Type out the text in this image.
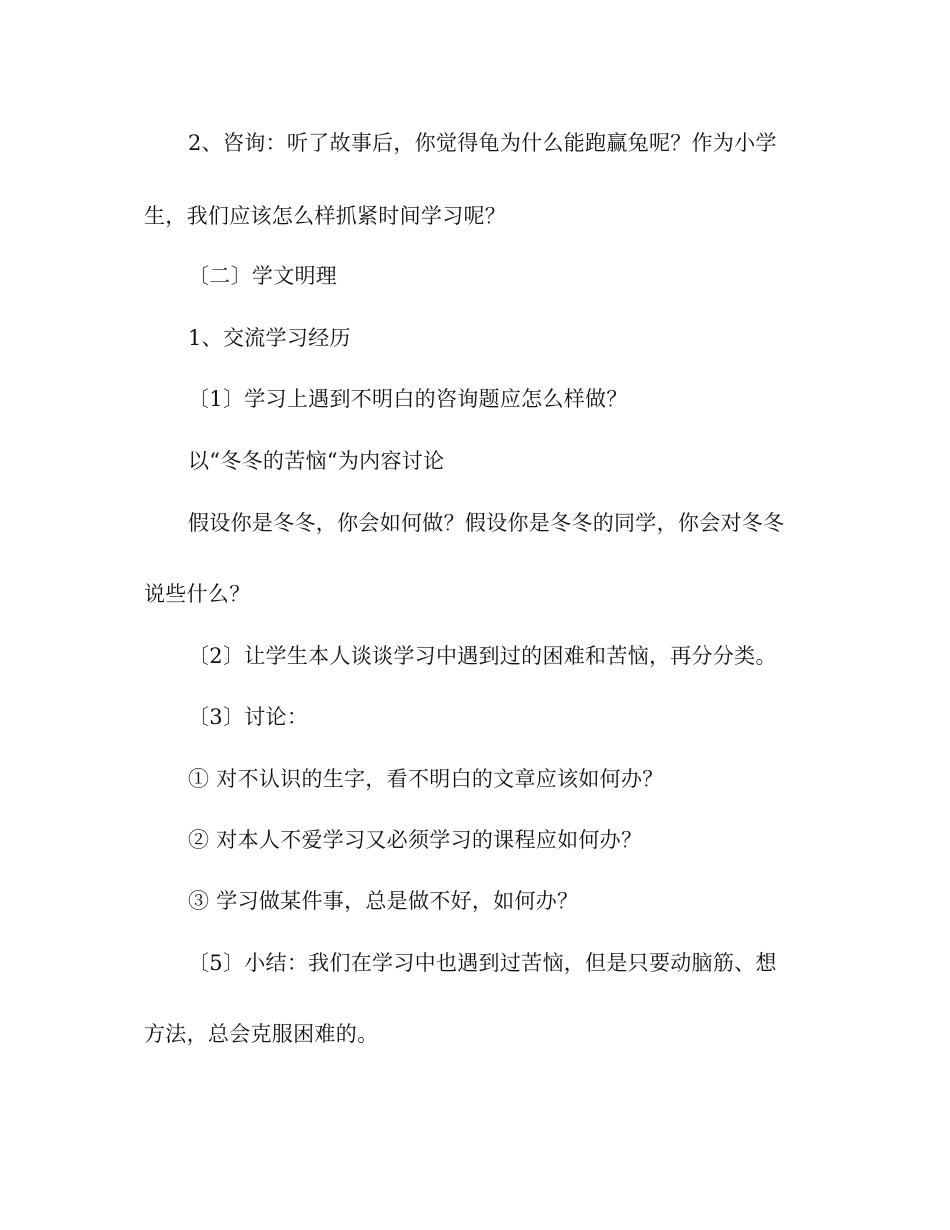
2、咨询：听了故事后，你觉得龟为什么能跑赢兔呢？作为小学
生，我们应该怎么样抓紧时间学习呢？
〔二〕学文明理
1、交流学习经历
〔1〕学习上遇到不明白的咨询题应怎么样做？
以“冬冬的苦恼“为内容讨论
假设你是冬冬，你会如何做？假设你是冬冬的同学，你会对冬冬
说些什么？
〔2〕让学生本人谈谈学习中遇到过的困难和苦恼，再分分类。
〔3〕讨论：
① 对不认识的生字，看不明白的文章应该如何办？
② 对本人不爱学习又必须学习的课程应如何办？
③ 学习做某件事，总是做不好，如何办？
〔5〕小结：我们在学习中也遇到过苦恼，但是只要动脑筋、想
方法，总会克服困难的。
